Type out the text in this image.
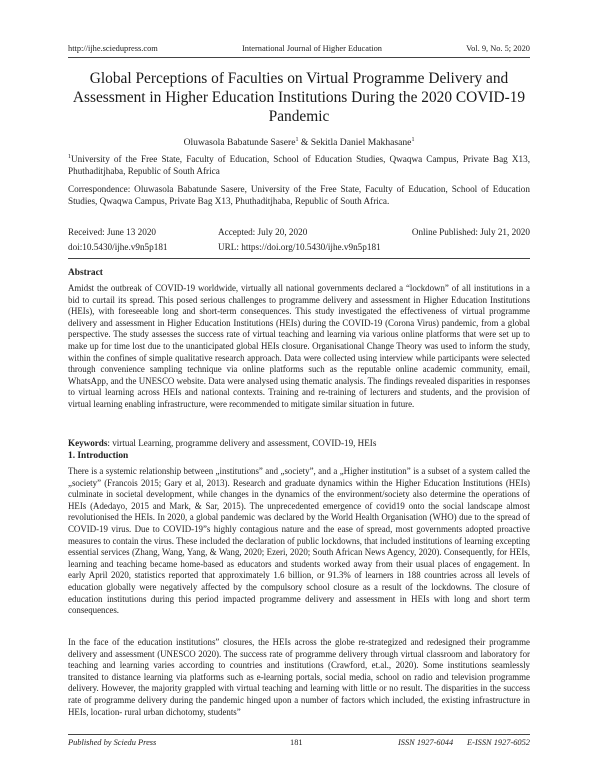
http://ijhe.sciedupress.com	International Journal of Higher Education	Vol. 9, No. 5; 2020
Global Perceptions of Faculties on Virtual Programme Delivery and Assessment in Higher Education Institutions During the 2020 COVID-19 Pandemic
Oluwasola Babatunde Sasere$^1$ & Sekitla Daniel Makhasane$^1$

$^1$University of the Free State, Faculty of Education, School of Education Studies, Qwaqwa Campus, Private Bag X13, Phuthaditjhaba, Republic of South Africa

Correspondence: Oluwasola Babatunde Sasere, University of the Free State, Faculty of Education, School of Education Studies, Qwaqwa Campus, Private Bag X13, Phuthaditjhaba, Republic of South Africa.

Received: June 13 2020	Accepted: July 20, 2020	Online Published: July 21, 2020
doi:10.5430/ijhe.v9n5p181	URL: https://doi.org/10.5430/ijhe.v9n5p181
Abstract

Amidst the outbreak of COVID-19 worldwide, virtually all national governments declared a “lockdown” of all institutions in a bid to curtail its spread. This posed serious challenges to programme delivery and assessment in Higher Education Institutions (HEIs), with foreseeable long and short-term consequences. This study investigated the effectiveness of virtual programme delivery and assessment in Higher Education Institutions (HEIs) during the COVID-19 (Corona Virus) pandemic, from a global perspective. The study assesses the success rate of virtual teaching and learning via various online platforms that were set up to make up for time lost due to the unanticipated global HEIs closure. Organisational Change Theory was used to inform the study, within the confines of simple qualitative research approach. Data were collected using interview while participants were selected through convenience sampling technique via online platforms such as the reputable online academic community, email, WhatsApp, and the UNESCO website. Data were analysed using thematic analysis. The findings revealed disparities in responses to virtual learning across HEIs and national contexts. Training and re-training of lecturers and students, and the provision of virtual learning enabling infrastructure, were recommended to mitigate similar situation in future.

Keywords: virtual Learning, programme delivery and assessment, COVID-19, HEIs

1. Introduction

There is a systemic relationship between „institutions” and „society”, and a „Higher institution” is a subset of a system called the „society” (Francois 2015; Gary et al, 2013). Research and graduate dynamics within the Higher Education Institutions (HEIs) culminate in societal development, while changes in the dynamics of the environment/society also determine the operations of HEIs (Adedayo, 2015 and Mark, & Sar, 2015). The unprecedented emergence of covid19 onto the social landscape almost revolutionised the HEIs. In 2020, a global pandemic was declared by the World Health Organisation (WHO) due to the spread of COVID-19 virus. Due to COVID-19”s highly contagious nature and the ease of spread, most governments adopted proactive measures to contain the virus. These included the declaration of public lockdowns, that included institutions of learning excepting essential services (Zhang, Wang, Yang, & Wang, 2020; Ezeri, 2020; South African News Agency, 2020). Consequently, for HEIs, learning and teaching became home-based as educators and students worked away from their usual places of engagement. In early April 2020, statistics reported that approximately 1.6 billion, or 91.3% of learners in 188 countries across all levels of education globally were negatively affected by the compulsory school closure as a result of the lockdowns. The closure of education institutions during this period impacted programme delivery and assessment in HEIs with long and short term consequences.

In the face of the education institutions” closures, the HEIs across the globe re-strategized and redesigned their programme delivery and assessment (UNESCO 2020). The success rate of programme delivery through virtual classroom and laboratory for teaching and learning varies according to countries and institutions (Crawford, et.al., 2020). Some institutions seamlessly transited to distance learning via platforms such as e-learning portals, social media, school on radio and television programme delivery. However, the majority grappled with virtual teaching and learning with little or no result. The disparities in the success rate of programme delivery during the pandemic hinged upon a number of factors which included, the existing infrastructure in HEIs, location- rural urban dichotomy, students”

Published by Sciedu Press	181	ISSN 1927-6044 E-ISSN 1927-6052
